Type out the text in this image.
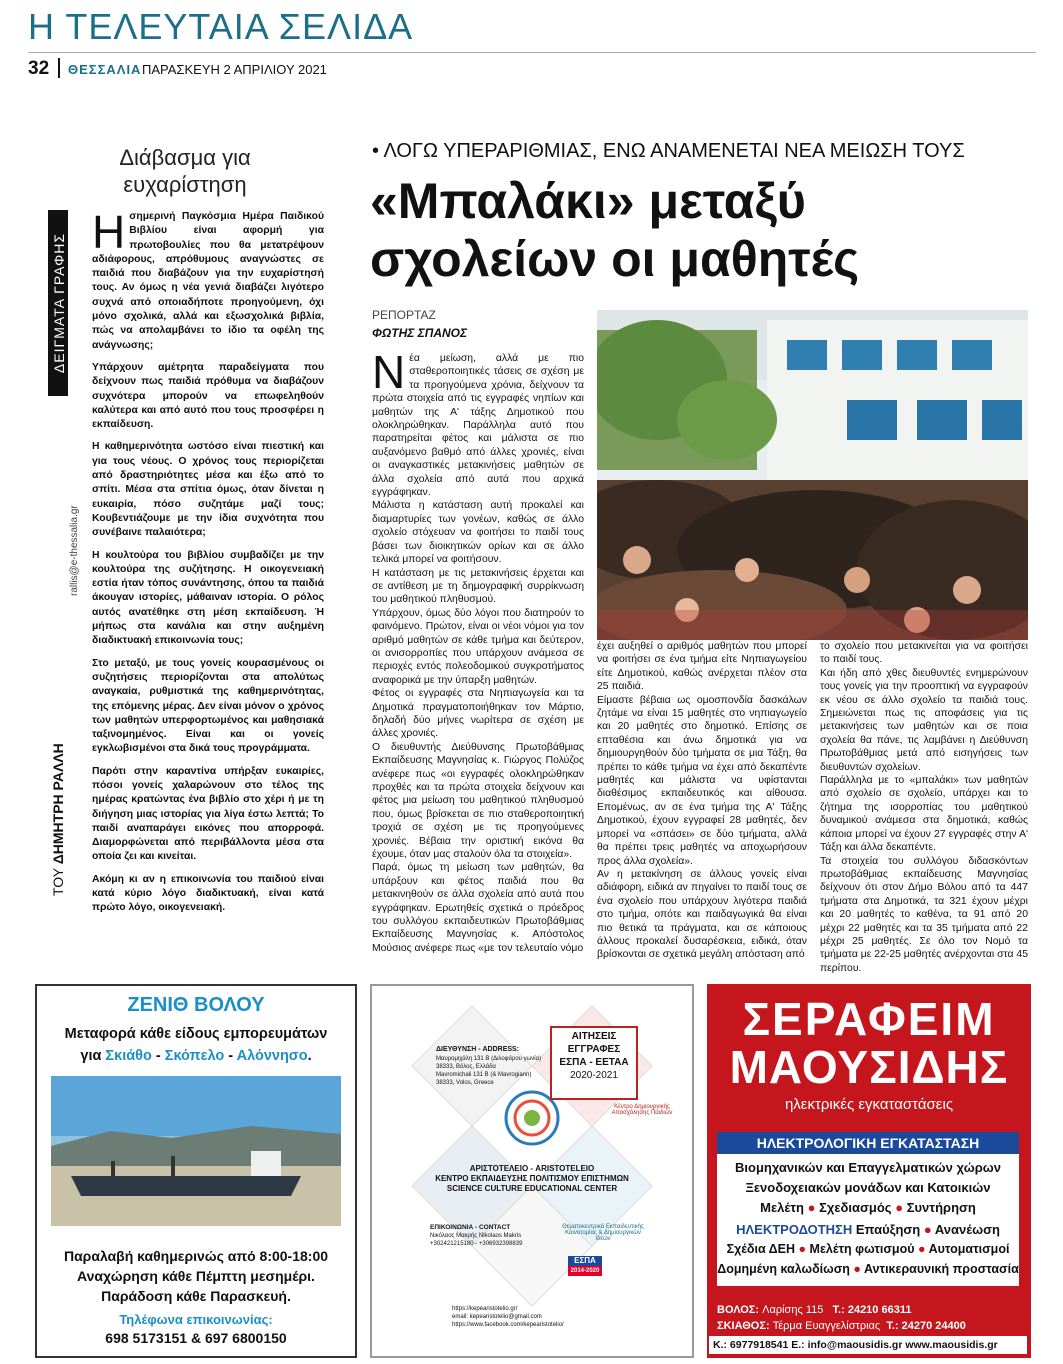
Η ΤΕΛΕΥΤΑΙΑ ΣΕΛΙΔΑ
32 ΘΕΣΣΑΛΙΑ ΠΑΡΑΣΚΕΥΗ 2 ΑΠΡΙΛΙΟΥ 2021
Διάβασμα για ευχαρίστηση
ΔΕΙΓΜΑΤΑ ΓΡΑΦΗΣ
ΤΟΥ ΔΗΜΗΤΡΗ ΡΑΛΛΗ
rallis@e-thessalia.gr

Η σημερινή Παγκόσμια Ημέρα Παιδικού Βιβλίου είναι αφορμή για πρωτοβουλίες που θα μετατρέψουν αδιάφορους, απρόθυμους αναγνώστες σε παιδιά που διαβάζουν για την ευχαρίστησή τους. Αν όμως η νέα γενιά διαβάζει λιγότερο συχνά από οποιαδήποτε προηγούμενη, όχι μόνο σχολικά, αλλά και εξωσχολικά βιβλία, πώς να απολαμβάνει το ίδιο τα οφέλη της ανάγνωσης;

Υπάρχουν αμέτρητα παραδείγματα που δείχνουν πως παιδιά πρόθυμα να διαβάζουν συχνότερα μπορούν να επωφεληθούν καλύτερα και από αυτό που τους προσφέρει η εκπαίδευση.

Η καθημερινότητα ωστόσο είναι πιεστική και για τους νέους. Ο χρόνος τους περιορίζεται από δραστηριότητες μέσα και έξω από το σπίτι. Μέσα στα σπίτια όμως, όταν δίνεται η ευκαιρία, πόσο συζητάμε μαζί τους; Κουβεντιάζουμε με την ίδια συχνότητα που συνέβαινε παλαιότερα;

Η κουλτούρα του βιβλίου συμβαδίζει με την κουλτούρα της συζήτησης. Η οικογενειακή εστία ήταν τόπος συνάντησης, όπου τα παιδιά άκουγαν ιστορίες, μάθαιναν ιστορία. Ο ρόλος αυτός ανατέθηκε στη μέση εκπαίδευση. Ή μήπως στα κανάλια και στην αυξημένη διαδικτυακή επικοινωνία τους;

Στο μεταξύ, με τους γονείς κουρασμένους οι συζητήσεις περιορίζονται στα απολύτως αναγκαία, ρυθμιστικά της καθημερινότητας, της επόμενης μέρας. Δεν είναι μόνον ο χρόνος των μαθητών υπερφορτωμένος και μαθησιακά ταξινομημένος. Είναι και οι γονείς εγκλωβισμένοι στα δικά τους προγράμματα.

Παρότι στην καραντίνα υπήρξαν ευκαιρίες, πόσοι γονείς χαλαρώνουν στο τέλος της ημέρας κρατώντας ένα βιβλίο στο χέρι ή με τη διήγηση μιας ιστορίας για λίγα έστω λεπτά; Το παιδί αναπαράγει εικόνες που απορροφά. Διαμορφώνεται από περιβάλλοντα μέσα στα οποία ζει και κινείται.

Ακόμη κι αν η επικοινωνία του παιδιού είναι κατά κύριο λόγο διαδικτυακή, είναι κατά πρώτο λόγο, οικογενειακή.

• ΛΟΓΩ ΥΠΕΡΑΡΙΘΜΙΑΣ, ΕΝΩ ΑΝΑΜΕΝΕΤΑΙ ΝΕΑ ΜΕΙΩΣΗ ΤΟΥΣ
«Μπαλάκι» μεταξύ σχολείων οι μαθητές
ΡΕΠΟΡΤΑΖ
ΦΩΤΗΣ ΣΠΑΝΟΣ

Νέα μείωση, αλλά με πιο σταθεροποιητικές τάσεις σε σχέση με τα προηγούμενα χρόνια, δείχνουν τα πρώτα στοιχεία από τις εγγραφές νηπίων και μαθητών της Α' τάξης Δημοτικού που ολοκληρώθηκαν. Παράλληλα αυτό που παρατηρείται φέτος και μάλιστα σε πιο αυξανόμενο βαθμό από άλλες χρονιές, είναι οι αναγκαστικές μετακινήσεις μαθητών σε άλλα σχολεία από αυτά που αρχικά εγγράφηκαν.

Μάλιστα η κατάσταση αυτή προκαλεί και διαμαρτυρίες των γονέων, καθώς σε άλλο σχολείο στόχευαν να φοιτήσει το παιδί τους βάσει των διοικητικών ορίων και σε άλλο τελικά μπορεί να φοιτήσουν.

Η κατάσταση με τις μετακινήσεις έρχεται και σε αντίθεση με τη δημογραφική συρρίκνωση του μαθητικού πληθυσμού.

Υπάρχουν, όμως δύο λόγοι που διατηρούν το φαινόμενο. Πρώτον, είναι οι νέοι νόμοι για τον αριθμό μαθητών σε κάθε τμήμα και δεύτερον, οι ανισορροπίες που υπάρχουν ανάμεσα σε περιοχές εντός πολεοδομικού συγκροτήματος αναφορικά με την ύπαρξη μαθητών.

Φέτος οι εγγραφές στα Νηπιαγωγεία και τα Δημοτικά πραγματοποιήθηκαν τον Μάρτιο, δηλαδή δύο μήνες νωρίτερα σε σχέση με άλλες χρονιές.

Ο διευθυντής Διεύθυνσης Πρωτοβάθμιας Εκπαίδευσης Μαγνησίας κ. Γιώργος Πολύζος ανέφερε πως «οι εγγραφές ολοκληρώθηκαν προχθές και τα πρώτα στοιχεία δείχνουν και φέτος μια μείωση του μαθητικού πληθυσμού που, όμως βρίσκεται σε πιο σταθεροποιητική τροχιά σε σχέση με τις προηγούμενες χρονιές. Βέβαια την οριστική εικόνα θα έχουμε, όταν μας σταλούν όλα τα στοιχεία».

Παρά, όμως τη μείωση των μαθητών, θα υπάρξουν και φέτος παιδιά που θα μετακινηθούν σε άλλα σχολεία από αυτά που εγγράφηκαν. Ερωτηθείς σχετικά ο πρόεδρος του συλλόγου εκπαιδευτικών Πρωτοβάθμιας Εκπαίδευσης Μαγνησίας κ. Απόστολος Μούσιος ανέφερε πως «με τον τελευταίο νόμο

έχει αυξηθεί ο αριθμός μαθητών που μπορεί να φοιτήσει σε ένα τμήμα είτε Νηπιαγωγείου είτε Δημοτικού, καθώς ανέρχεται πλέον στα 25 παιδιά.

Είμαστε βέβαια ως ομοσπονδία δασκάλων ζητάμε να είναι 15 μαθητές στο νηπιαγωγείο και 20 μαθητές στο δημοτικό. Επίσης σε επταθέσια και άνω δημοτικά για να δημιουργηθούν δύο τμήματα σε μια Τάξη, θα πρέπει το κάθε τμήμα να έχει από δεκαπέντε μαθητές και μάλιστα να υφίστανται διαθέσιμος εκπαιδευτικός και αίθουσα. Επομένως, αν σε ένα τμήμα της Α' Τάξης Δημοτικού, έχουν εγγραφεί 28 μαθητές, δεν μπορεί να «σπάσει» σε δύο τμήματα, αλλά θα πρέπει τρεις μαθητές να αποχωρήσουν προς άλλα σχολεία».

Αν η μετακίνηση σε άλλους γονείς είναι αδιάφορη, ειδικά αν πηγαίνει το παιδί τους σε ένα σχολείο που υπάρχουν λιγότερα παιδιά στο τμήμα, οπότε και παιδαγωγικά θα είναι πιο θετικά τα πράγματα, και σε κάποιους άλλους προκαλεί δυσαρέσκεια, ειδικά, όταν βρίσκονται σε σχετικά μεγάλη απόσταση από

το σχολείο που μετακινείται για να φοιτήσει το παιδί τους.

Και ήδη από χθες διευθυντές ενημερώνουν τους γονείς για την προοπτική να εγγραφούν εκ νέου σε άλλο σχολείο τα παιδιά τους. Σημειώνεται πως τις αποφάσεις για τις μετακινήσεις των μαθητών και σε ποια σχολεία θα πάνε, τις λαμβάνει η Διεύθυνση Πρωτοβάθμιας μετά από εισηγήσεις των διευθυντών σχολείων.

Παράλληλα με το «μπαλάκι» των μαθητών από σχολείο σε σχολείο, υπάρχει και το ζήτημα της ισορροπίας του μαθητικού δυναμικού ανάμεσα στα δημοτικά, καθώς κάποια μπορεί να έχουν 27 εγγραφές στην Α' Τάξη και άλλα δεκαπέντε.

Τα στοιχεία του συλλόγου διδασκόντων πρωτοβάθμιας εκπαίδευσης Μαγνησίας δείχνουν ότι στον Δήμο Βόλου από τα 447 τμήματα στα Δημοτικά, τα 321 έχουν μέχρι και 20 μαθητές το καθένα, τα 91 από 20 μέχρι 22 μαθητές και τα 35 τμήματα από 22 μέχρι 25 μαθητές. Σε όλο τον Νομό τα τμήματα με 22-25 μαθητές ανέρχονται στα 45 περίπου.

ΖΕΝΙΘ ΒΟΛΟΥ
Μεταφορά κάθε είδους εμπορευμάτων
για Σκιάθο - Σκόπελο - Αλόννησο.
Παραλαβή καθημερινώς από 8:00-18:00
Αναχώρηση κάθε Πέμπτη μεσημέρι.
Παράδοση κάθε Παρασκευή.
Τηλέφωνα επικοινωνίας:
698 5173151 & 697 6800150
ΔΙΕΥΘΥΝΣΗ - ADDRESS:
Μαυρομιχάλη 131 Β (Διλοφόρου γωνία)
38333, Βόλος, Ελλάδα
Mavromichali 131 B (& Mavrogiann)
38333, Volos, Greece
ΑΙΤΗΣΕΙΣ
ΕΓΓΡΑΦΕΣ
ΕΣΠΑ - ΕΕΤΑΑ
2020-2021
Κέντρο Δημιουργικής Απασχόλησης Παιδιών
ΑΡΙΣΤΟΤΕΛΕΙΟ - ARISTOTELEIO
ΚΕΝΤΡΟ ΕΚΠΑΙΔΕΥΣΗΣ ΠΟΛΙΤΙΣΜΟΥ ΕΠΙΣΤΗΜΩΝ
SCIENCE CULTURE EDUCATIONAL CENTER
ΕΠΙΚΟΙΝΩΝΙΑ - CONTACT
Νικόλαος Μακρής Nikolaos Makris
+302421215180 - +306932398839
Θεματοκεντρικά Εκπαιδευτικής Καινοτομίας & Δημιουργικών Ιδεών
ΕΣΠΑ
2014-2020
https://kepearistotelio.gr/
email: kepearistotelio@gmail.com
https://www.facebook.com/kepearistotelio/
ΣΕΡΑΦΕΙΜ
ΜΑΟΥΣΙΔΗΣ
ηλεκτρικές εγκαταστάσεις
ΗΛΕΚΤΡΟΛΟΓΙΚΗ ΕΓΚΑΤΑΣΤΑΣΗ
Βιομηχανικών και Επαγγελματικών χώρων
Ξενοδοχειακών μονάδων και Κατοικιών
Μελέτη ● Σχεδιασμός ● Συντήρηση
ΗΛΕΚΤΡΟΔΟΤΗΣΗ Επαύξηση ● Ανανέωση
Σχέδια ΔΕΗ ● Μελέτη φωτισμού ● Αυτοματισμοί
Δομημένη καλωδίωση ● Αντικεραυνική προστασία
ΒΟΛΟΣ: Λαρίσης 115 Τ.: 24210 66311
ΣΚΙΑΘΟΣ: Τέρμα Ευαγγελίστριας Τ.: 24270 24400
Κ.: 6977918541 Ε.: info@maousidis.gr www.maousidis.gr
